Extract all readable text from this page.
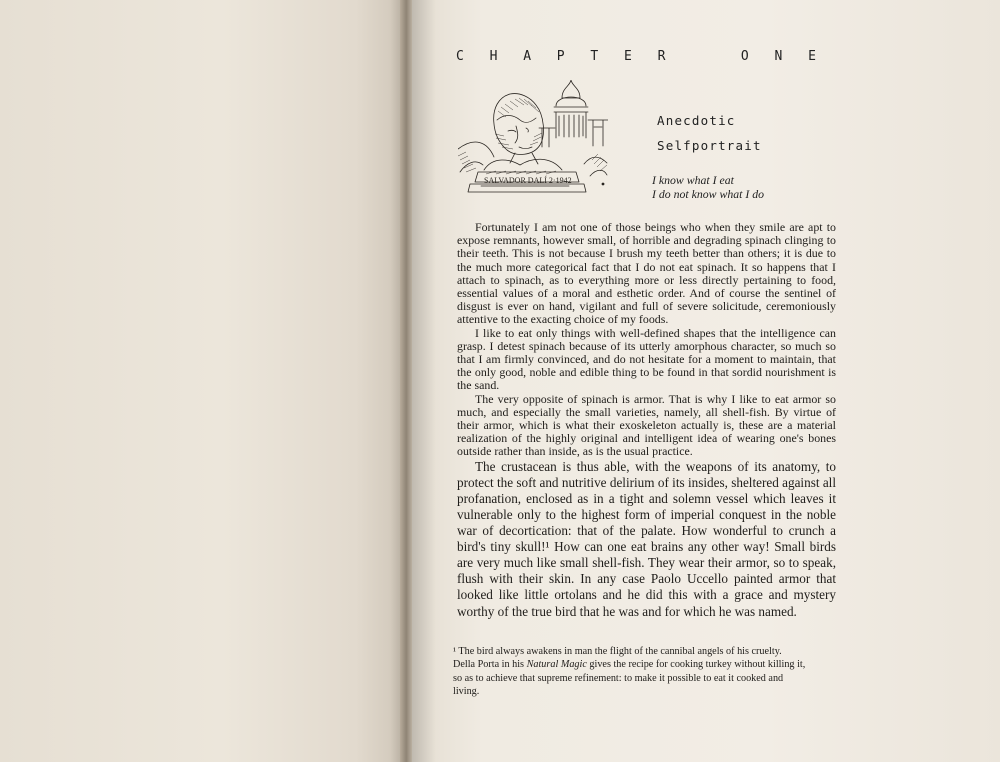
C H A P T E R	O N E
SALVADOR DALÍ 2·1942
Anecdotic
Selfportrait
I know what I eat
I do not know what I do

Fortunately I am not one of those beings who when they smile are apt to expose remnants, however small, of horrible and degrading spinach clinging to their teeth. This is not because I brush my teeth better than others; it is due to the much more categorical fact that I do not eat spinach. It so happens that I attach to spinach, as to everything more or less directly pertaining to food, essential values of a moral and esthetic order. And of course the sentinel of disgust is ever on hand, vigilant and full of severe solicitude, ceremoniously attentive to the exacting choice of my foods.

I like to eat only things with well-defined shapes that the intelligence can grasp. I detest spinach because of its utterly amorphous character, so much so that I am firmly convinced, and do not hesitate for a moment to maintain, that the only good, noble and edible thing to be found in that sordid nourishment is the sand.

The very opposite of spinach is armor. That is why I like to eat armor so much, and especially the small varieties, namely, all shell-fish. By virtue of their armor, which is what their exoskeleton actually is, these are a material realization of the highly original and intelligent idea of wearing one's bones outside rather than inside, as is the usual practice.

The crustacean is thus able, with the weapons of its anatomy, to protect the soft and nutritive delirium of its insides, sheltered against all profanation, enclosed as in a tight and solemn vessel which leaves it vulnerable only to the highest form of imperial conquest in the noble war of decortication: that of the palate. How wonderful to crunch a bird's tiny skull!¹ How can one eat brains any other way! Small birds are very much like small shell-fish. They wear their armor, so to speak, flush with their skin. In any case Paolo Uccello painted armor that looked like little ortolans and he did this with a grace and mystery worthy of the true bird that he was and for which he was named.

¹ The bird always awakens in man the flight of the cannibal angels of his cruelty.
Della Porta in his Natural Magic gives the recipe for cooking turkey without killing it,
so as to achieve that supreme refinement: to make it possible to eat it cooked and
living.
